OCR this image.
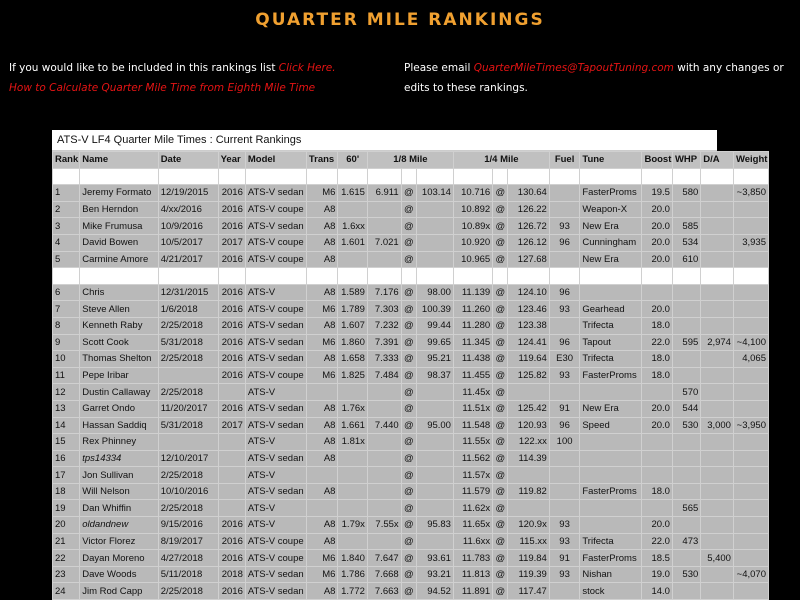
QUARTER MILE RANKINGS
If you would like to be included in this rankings list Click Here.
How to Calculate Quarter Mile Time from Eighth Mile Time
Please email QuarterMileTimes@TapoutTuning.com with any changes or edits to these rankings.
ATS-V LF4 Quarter Mile Times : Current Rankings
Rank	Name	Date	Year	Model	Trans	60'	1/8 Mile			1/4 Mile			Fuel	Tune	Boost	WHP	D/A	Weight

1	Jeremy Formato	12/19/2015	2016	ATS-V sedan	M6	1.615	6.911	@	103.14	10.716	@	130.64		FasterProms	19.5	580		~3,850
2	Ben Herndon	4/xx/2016	2016	ATS-V coupe	A8			@		10.892	@	126.22		Weapon-X	20.0			
3	Mike Frumusa	10/9/2016	2016	ATS-V sedan	A8	1.6xx		@		10.89x	@	126.72	93	New Era	20.0	585		
4	David Bowen	10/5/2017	2017	ATS-V coupe	A8	1.601	7.021	@		10.920	@	126.12	96	Cunningham	20.0	534		3,935
5	Carmine Amore	4/21/2017	2016	ATS-V coupe	A8			@		10.965	@	127.68		New Era	20.0	610		

6	Chris	12/31/2015	2016	ATS-V	A8	1.589	7.176	@	98.00	11.139	@	124.10	96					
7	Steve Allen	1/6/2018	2016	ATS-V coupe	M6	1.789	7.303	@	100.39	11.260	@	123.46	93	Gearhead	20.0			
8	Kenneth Raby	2/25/2018	2016	ATS-V sedan	A8	1.607	7.232	@	99.44	11.280	@	123.38		Trifecta	18.0			
9	Scott Cook	5/31/2018	2016	ATS-V sedan	M6	1.860	7.391	@	99.65	11.345	@	124.41	96	Tapout	22.0	595	2,974	~4,100
10	Thomas Shelton	2/25/2018	2016	ATS-V sedan	A8	1.658	7.333	@	95.21	11.438	@	119.64	E30	Trifecta	18.0			4,065
11	Pepe Iribar		2016	ATS-V coupe	M6	1.825	7.484	@	98.37	11.455	@	125.82	93	FasterProms	18.0			
12	Dustin Callaway	2/25/2018		ATS-V				@		11.45x	@					570		
13	Garret Ondo	11/20/2017	2016	ATS-V sedan	A8	1.76x		@		11.51x	@	125.42	91	New Era	20.0	544		
14	Hassan Saddiq	5/31/2018	2017	ATS-V sedan	A8	1.661	7.440	@	95.00	11.548	@	120.93	96	Speed	20.0	530	3,000	~3,950
15	Rex Phinney			ATS-V	A8	1.81x		@		11.55x	@	122.xx	100					
16	tps14334	12/10/2017		ATS-V sedan	A8			@		11.562	@	114.39						
17	Jon Sullivan	2/25/2018		ATS-V				@		11.57x	@							
18	Will Nelson	10/10/2016		ATS-V sedan	A8			@		11.579	@	119.82		FasterProms	18.0			
19	Dan Whiffin	2/25/2018		ATS-V				@		11.62x	@					565		
20	oldandnew	9/15/2016	2016	ATS-V	A8	1.79x	7.55x	@	95.83	11.65x	@	120.9x	93		20.0			
21	Victor Florez	8/19/2017	2016	ATS-V coupe	A8			@		11.6xx	@	115.xx	93	Trifecta	22.0	473		
22	Dayan Moreno	4/27/2018	2016	ATS-V coupe	M6	1.840	7.647	@	93.61	11.783	@	119.84	91	FasterProms	18.5		5,400	
23	Dave Woods	5/11/2018	2018	ATS-V sedan	M6	1.786	7.668	@	93.21	11.813	@	119.39	93	Nishan	19.0	530		~4,070
24	Jim Rod Capp	2/25/2018	2016	ATS-V sedan	A8	1.772	7.663	@	94.52	11.891	@	117.47		stock	14.0			
